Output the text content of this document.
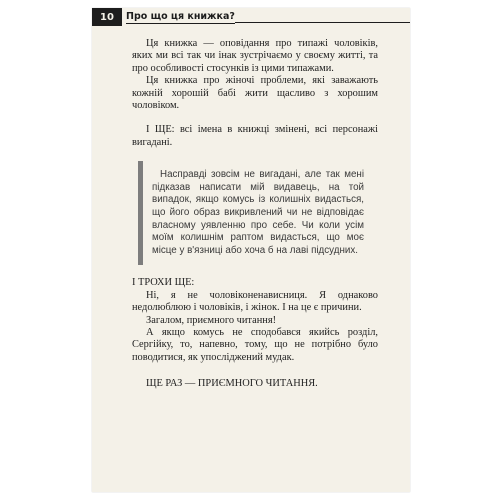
10	Про що ця книжка?

Ця книжка — оповідання про типажі чоловіків, яких ми всі так чи інак зустрічаємо у своєму житті, та про особливості стосунків із цими типажами.

Ця книжка про жіночі проблеми, які заважають кожній хорошій бабі жити щасливо з хорошим чоловіком.

І ЩЕ: всі імена в книжці змінені, всі персонажі вигадані.

Насправді зовсім не вигадані, але так мені підказав написати мій видавець, на той випадок, якщо комусь із колишніх видасться, що його образ викривлений чи не відповідає власному уявленню про себе. Чи коли усім моїм колишнім раптом видасться, що моє місце у в'язниці або хоча б на лаві підсудних.

І ТРОХИ ЩЕ:

Ні, я не чоловіконенависниця. Я однаково недолюблюю і чоловіків, і жінок. І на це є причини.

Загалом, приємного читання!

А якщо комусь не сподобався якийсь розділ, Сергійку, то, напевно, тому, що не потрібно було поводитися, як упосліджений мудак.

ЩЕ РАЗ — ПРИЄМНОГО ЧИТАННЯ.
